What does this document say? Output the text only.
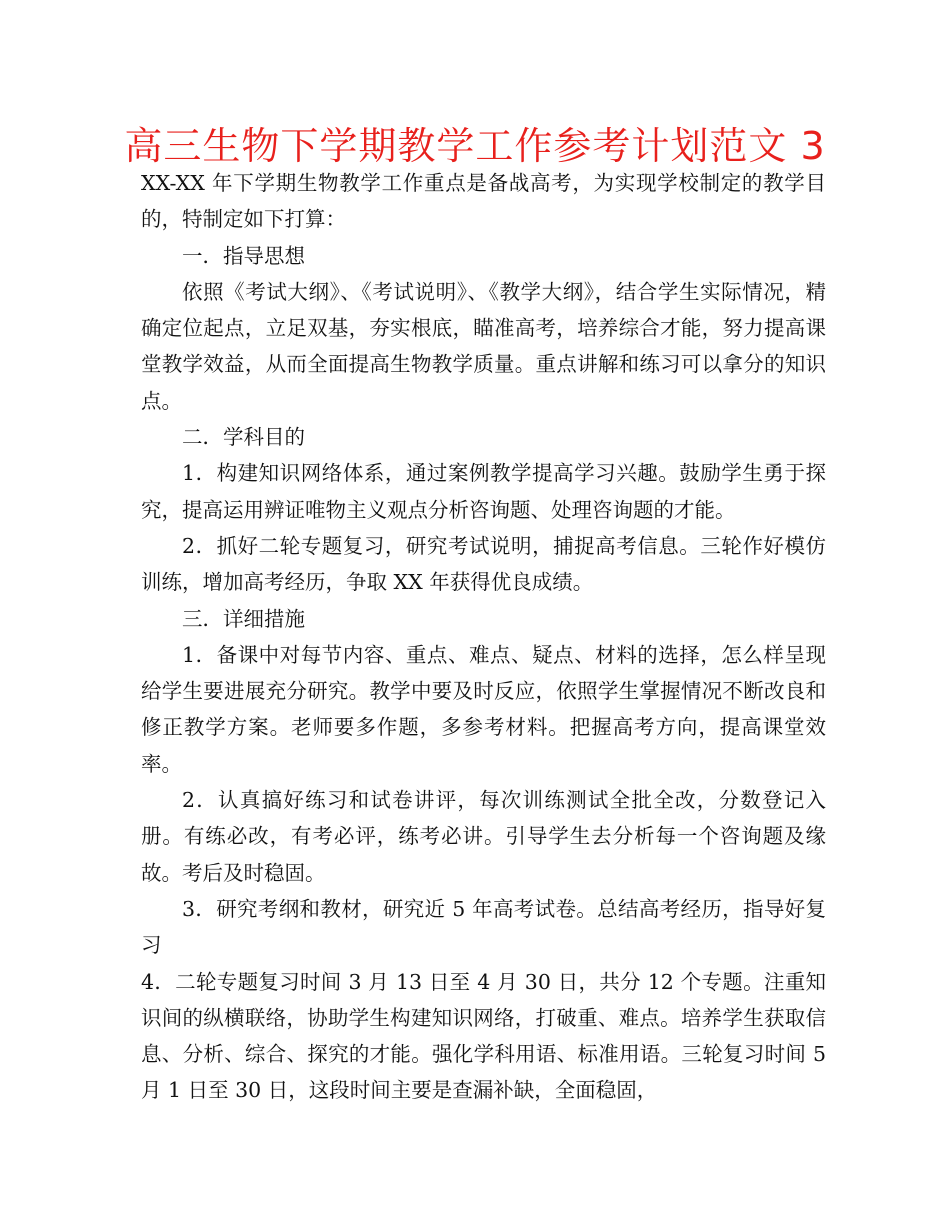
高三生物下学期教学工作参考计划范文 3

XX-XX 年下学期生物教学工作重点是备战高考，为实现学校制定的教学目的，特制定如下打算：

一．指导思想

依照《考试大纲》、《考试说明》、《教学大纲》，结合学生实际情况，精确定位起点，立足双基，夯实根底，瞄准高考，培养综合才能，努力提高课堂教学效益，从而全面提高生物教学质量。重点讲解和练习可以拿分的知识点。

二．学科目的

1．构建知识网络体系，通过案例教学提高学习兴趣。鼓励学生勇于探究，提高运用辨证唯物主义观点分析咨询题、处理咨询题的才能。

2．抓好二轮专题复习，研究考试说明，捕捉高考信息。三轮作好模仿训练，增加高考经历，争取 XX 年获得优良成绩。

三．详细措施

1．备课中对每节内容、重点、难点、疑点、材料的选择，怎么样呈现给学生要进展充分研究。教学中要及时反应，依照学生掌握情况不断改良和修正教学方案。老师要多作题，多参考材料。把握高考方向，提高课堂效率。

2．认真搞好练习和试卷讲评，每次训练测试全批全改，分数登记入册。有练必改，有考必评，练考必讲。引导学生去分析每一个咨询题及缘故。考后及时稳固。

3．研究考纲和教材，研究近 5 年高考试卷。总结高考经历，指导好复习

4．二轮专题复习时间 3 月 13 日至 4 月 30 日，共分 12 个专题。注重知识间的纵横联络，协助学生构建知识网络，打破重、难点。培养学生获取信息、分析、综合、探究的才能。强化学科用语、标准用语。三轮复习时间 5 月 1 日至 30 日，这段时间主要是查漏补缺，全面稳固，
